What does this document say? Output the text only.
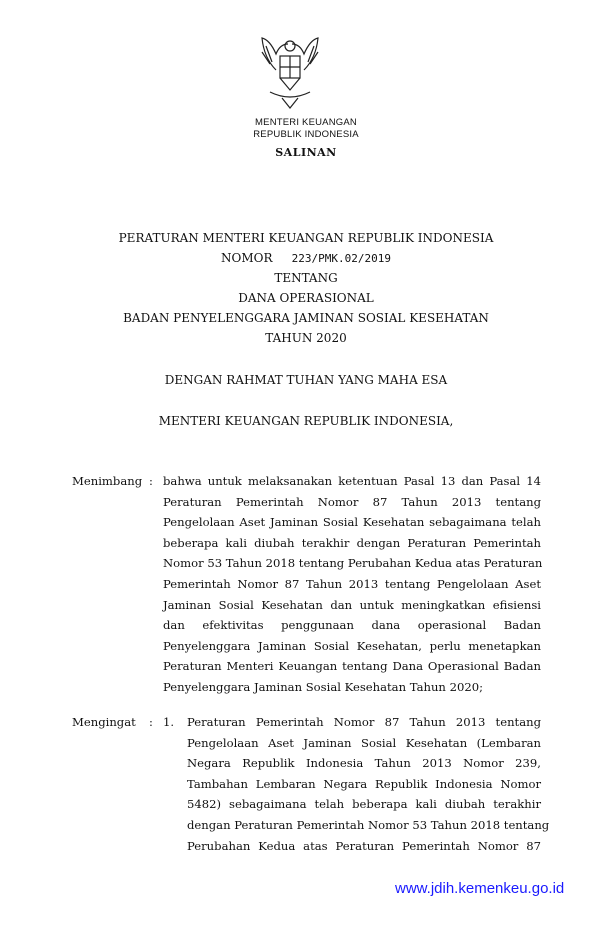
MENTERI KEUANGAN
REPUBLIK INDONESIA
SALINAN
PERATURAN MENTERI KEUANGAN REPUBLIK INDONESIA
NOMOR 223/PMK.02/2019
TENTANG
DANA OPERASIONAL
BADAN PENYELENGGARA JAMINAN SOSIAL KESEHATAN
TAHUN 2020
DENGAN RAHMAT TUHAN YANG MAHA ESA
MENTERI KEUANGAN REPUBLIK INDONESIA,
Menimbang : bahwa untuk melaksanakan ketentuan Pasal 13 dan Pasal 14
Peraturan Pemerintah Nomor 87 Tahun 2013 tentang
Pengelolaan Aset Jaminan Sosial Kesehatan sebagaimana telah
beberapa kali diubah terakhir dengan Peraturan Pemerintah
Nomor 53 Tahun 2018 tentang Perubahan Kedua atas Peraturan
Pemerintah Nomor 87 Tahun 2013 tentang Pengelolaan Aset
Jaminan Sosial Kesehatan dan untuk meningkatkan efisiensi
dan efektivitas penggunaan dana operasional Badan
Penyelenggara Jaminan Sosial Kesehatan, perlu menetapkan
Peraturan Menteri Keuangan tentang Dana Operasional Badan
Penyelenggara Jaminan Sosial Kesehatan Tahun 2020;
Mengingat : 1. Peraturan Pemerintah Nomor 87 Tahun 2013 tentang
Pengelolaan Aset Jaminan Sosial Kesehatan (Lembaran
Negara Republik Indonesia Tahun 2013 Nomor 239,
Tambahan Lembaran Negara Republik Indonesia Nomor
5482) sebagaimana telah beberapa kali diubah terakhir
dengan Peraturan Pemerintah Nomor 53 Tahun 2018 tentang
Perubahan Kedua atas Peraturan Pemerintah Nomor 87
www.jdih.kemenkeu.go.id
